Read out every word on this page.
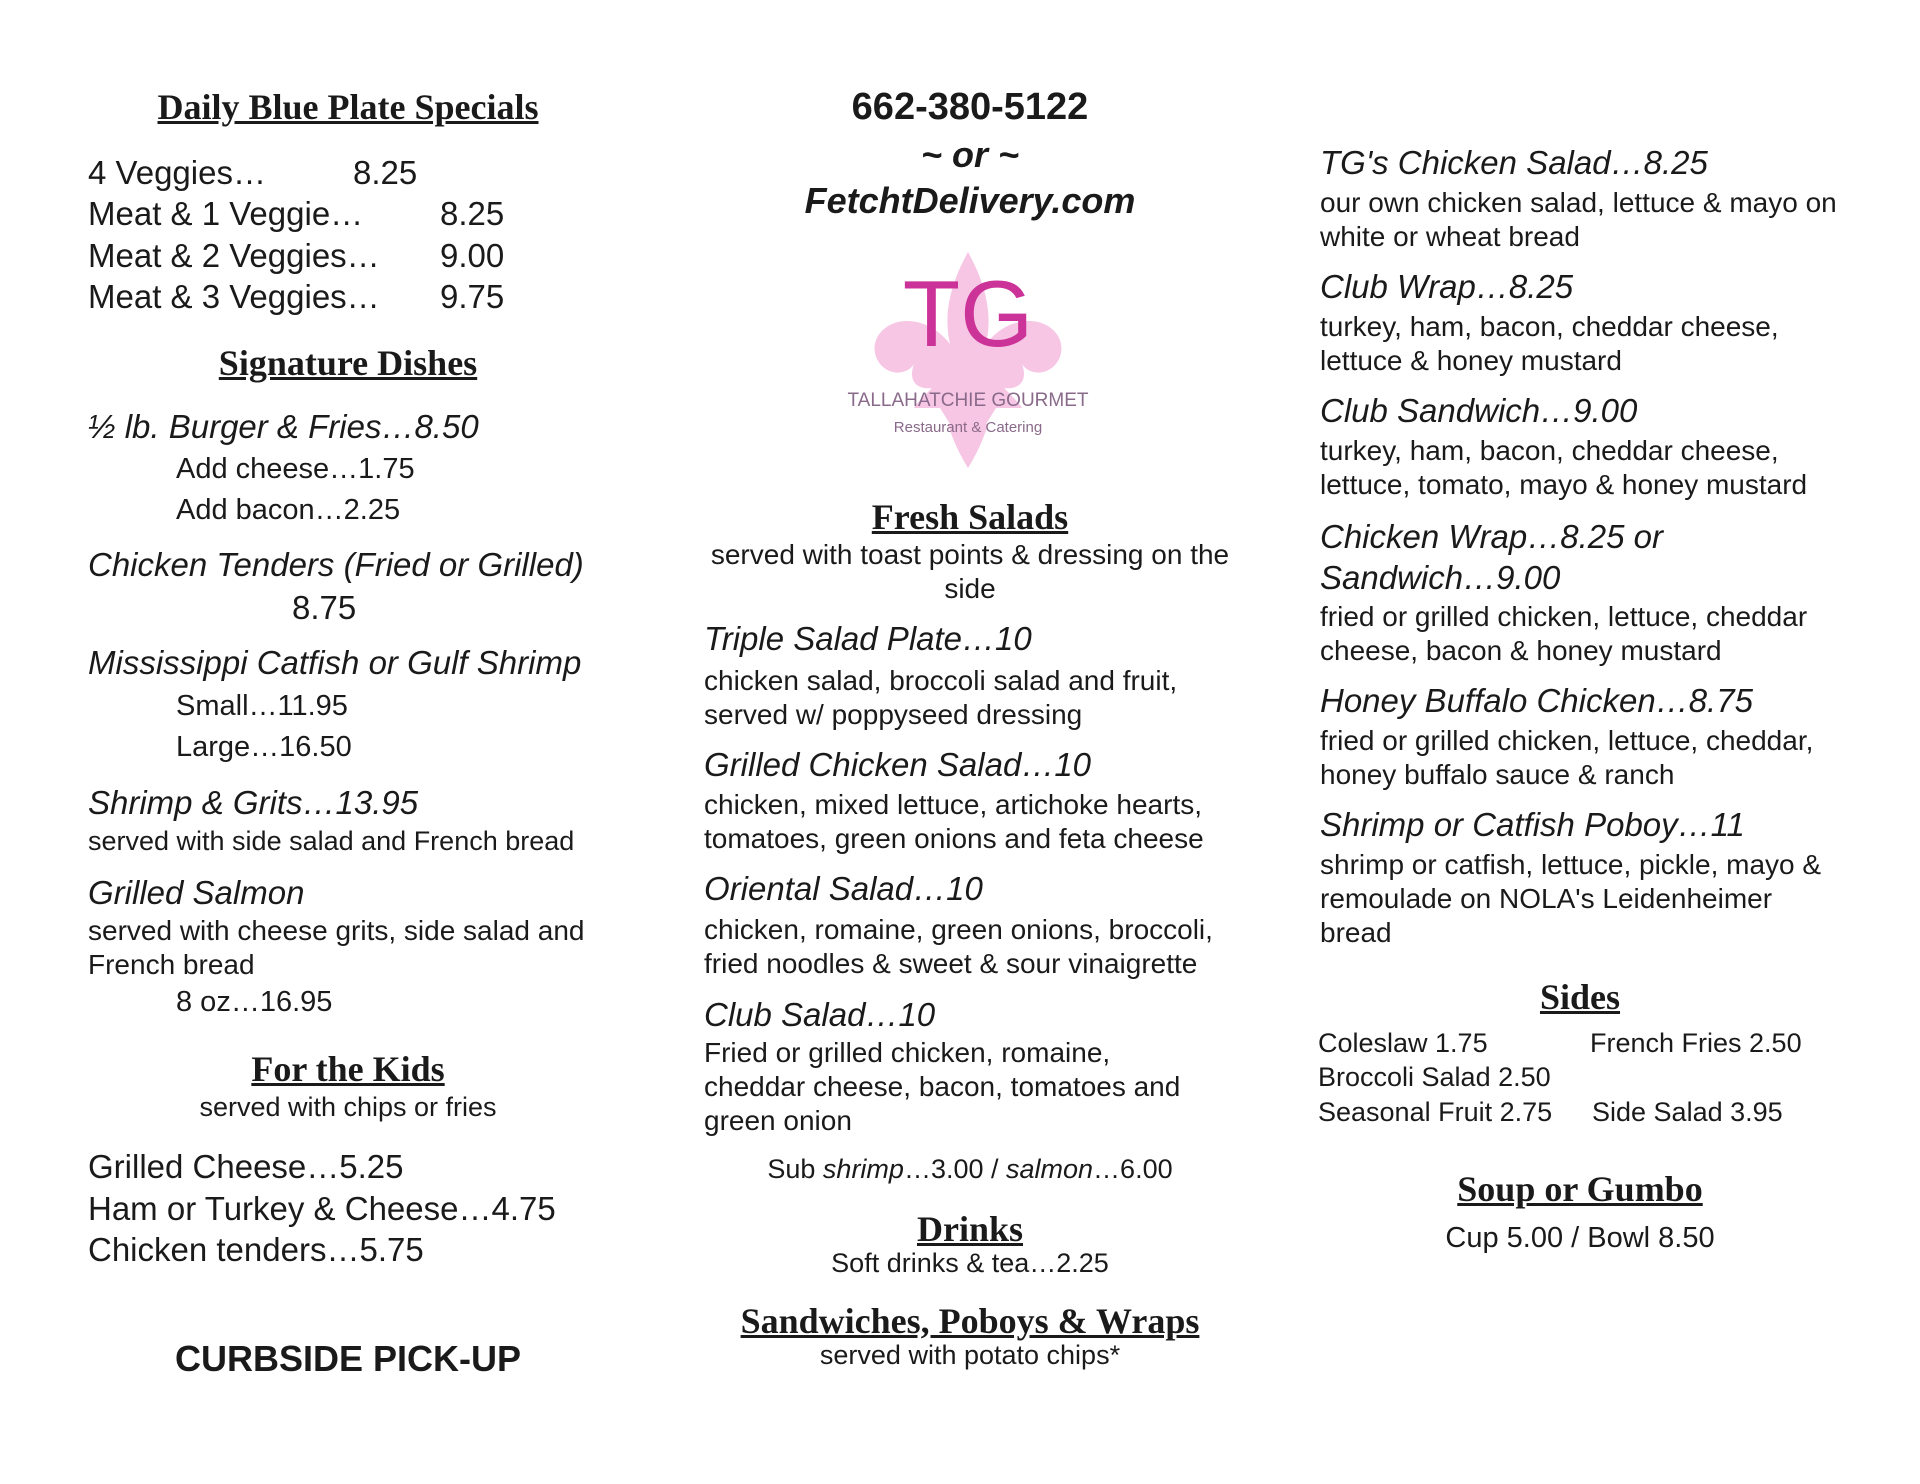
Daily Blue Plate Specials
4 Veggies…	8.25
Meat & 1 Veggie… 8.25
Meat & 2 Veggies… 9.00
Meat & 3 Veggies… 9.75
Signature Dishes
½ lb. Burger & Fries…8.50
Add cheese…1.75
Add bacon…2.25
Chicken Tenders (Fried or Grilled)
8.75
Mississippi Catfish or Gulf Shrimp
Small…11.95
Large…16.50
Shrimp & Grits…13.95
served with side salad and French bread
Grilled Salmon
served with cheese grits, side salad and French bread
8 oz…16.95
For the Kids
served with chips or fries
Grilled Cheese…5.25
Ham or Turkey & Cheese…4.75
Chicken tenders…5.75
CURBSIDE PICK-UP
662-380-5122
~ or ~
FetchtDelivery.com
TG
TALLAHATCHIE GOURMET
Restaurant & Catering
Fresh Salads
served with toast points & dressing on the side
Triple Salad Plate…10
chicken salad, broccoli salad and fruit, served w/ poppyseed dressing
Grilled Chicken Salad…10
chicken, mixed lettuce, artichoke hearts, tomatoes, green onions and feta cheese
Oriental Salad…10
chicken, romaine, green onions, broccoli, fried noodles & sweet & sour vinaigrette
Club Salad…10
Fried or grilled chicken, romaine, cheddar cheese, bacon, tomatoes and green onion
Sub shrimp…3.00 / salmon…6.00
Drinks
Soft drinks & tea…2.25
Sandwiches, Poboys & Wraps
served with potato chips*
TG's Chicken Salad…8.25
our own chicken salad, lettuce & mayo on white or wheat bread
Club Wrap…8.25
turkey, ham, bacon, cheddar cheese, lettuce & honey mustard
Club Sandwich…9.00
turkey, ham, bacon, cheddar cheese, lettuce, tomato, mayo & honey mustard
Chicken Wrap…8.25 or Sandwich…9.00
fried or grilled chicken, lettuce, cheddar cheese, bacon & honey mustard
Honey Buffalo Chicken…8.75
fried or grilled chicken, lettuce, cheddar, honey buffalo sauce & ranch
Shrimp or Catfish Poboy…11
shrimp or catfish, lettuce, pickle, mayo & remoulade on NOLA's Leidenheimer bread
Sides
Coleslaw 1.75	French Fries 2.50
Broccoli Salad 2.50
Seasonal Fruit 2.75 Side Salad 3.95
Soup or Gumbo
Cup 5.00 / Bowl 8.50
